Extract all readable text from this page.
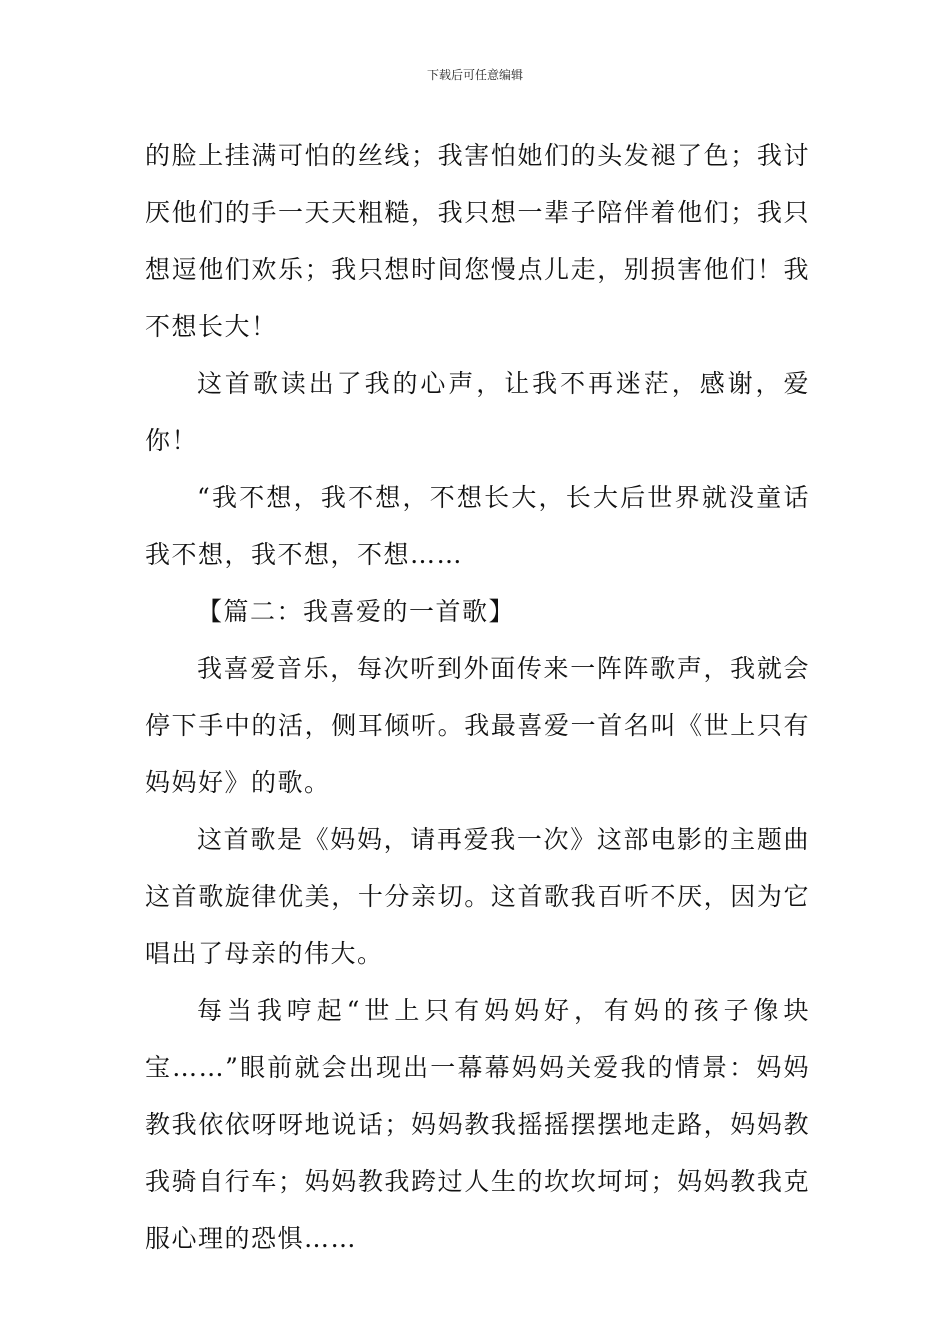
下载后可任意编辑

的脸上挂满可怕的丝线；我害怕她们的头发褪了色；我讨厌他们的手一天天粗糙，我只想一辈子陪伴着他们；我只想逗他们欢乐；我只想时间您慢点儿走，别损害他们！我不想长大！

这首歌读出了我的心声，让我不再迷茫，感谢，爱你！

“我不想，我不想，不想长大，长大后世界就没童话我不想，我不想，不想……

【篇二：我喜爱的一首歌】

我喜爱音乐，每次听到外面传来一阵阵歌声，我就会停下手中的活，侧耳倾听。我最喜爱一首名叫《世上只有妈妈好》的歌。

这首歌是《妈妈，请再爱我一次》这部电影的主题曲这首歌旋律优美，十分亲切。这首歌我百听不厌，因为它唱出了母亲的伟大。

每当我哼起“世上只有妈妈好，有妈的孩子像块宝……”眼前就会出现出一幕幕妈妈关爱我的情景：妈妈教我依依呀呀地说话；妈妈教我摇摇摆摆地走路，妈妈教我骑自行车；妈妈教我跨过人生的坎坎坷坷；妈妈教我克服心理的恐惧……
